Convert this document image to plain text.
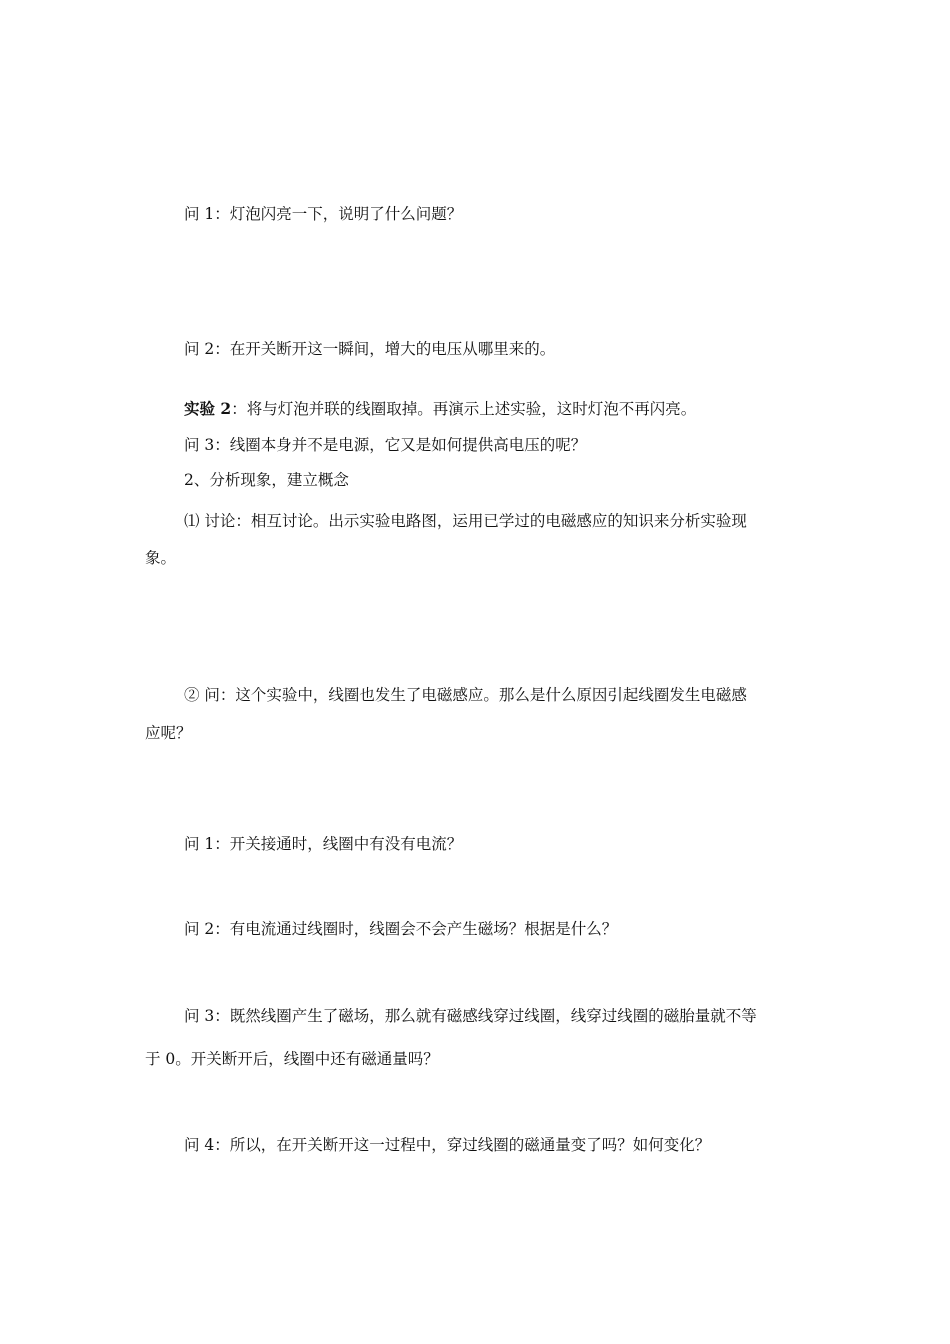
问 1：灯泡闪亮一下，说明了什么问题？

问 2：在开关断开这一瞬间，增大的电压从哪里来的。

实验 2：将与灯泡并联的线圈取掉。再演示上述实验，这时灯泡不再闪亮。

问 3：线圈本身并不是电源，它又是如何提供高电压的呢？

2、分析现象，建立概念

⑴ 讨论：相互讨论。出示实验电路图，运用已学过的电磁感应的知识来分析实验现

象。

② 问：这个实验中，线圈也发生了电磁感应。那么是什么原因引起线圈发生电磁感

应呢？

问 1：开关接通时，线圈中有没有电流？

问 2：有电流通过线圈时，线圈会不会产生磁场？根据是什么？

问 3：既然线圈产生了磁场，那么就有磁感线穿过线圈，线穿过线圈的磁胎量就不等

于 0。开关断开后，线圈中还有磁通量吗？

问 4：所以，在开关断开这一过程中，穿过线圈的磁通量变了吗？如何变化？
